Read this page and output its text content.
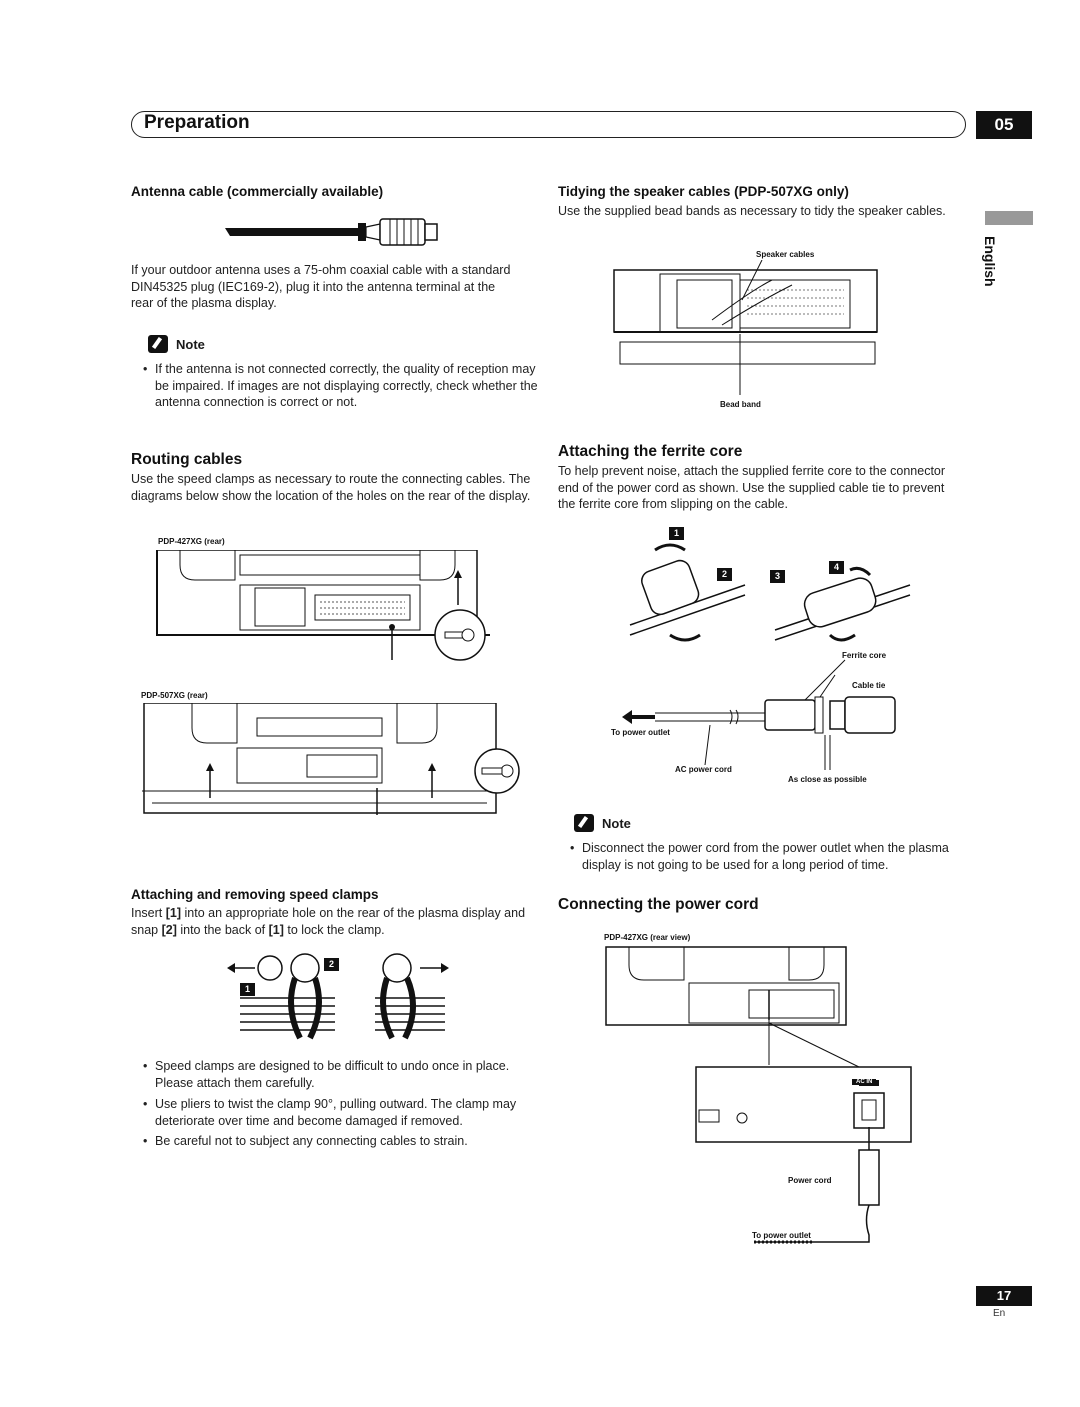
Preparation	05
English
Antenna cable (commercially available)
If your outdoor antenna uses a 75-ohm coaxial cable with a standard DIN45325 plug (IEC169-2), plug it into the antenna terminal at the rear of the plasma display.
Note
• If the antenna is not connected correctly, the quality of reception may be impaired. If images are not displaying correctly, check whether the antenna connection is correct or not.
Routing cables
Use the speed clamps as necessary to route the connecting cables. The diagrams below show the location of the holes on the rear of the display.
PDP-427XG (rear)
PDP-507XG (rear)
Attaching and removing speed clamps
Insert [1] into an appropriate hole on the rear of the plasma display and snap [2] into the back of [1] to lock the clamp.
2
1
• Speed clamps are designed to be difficult to undo once in place. Please attach them carefully.
• Use pliers to twist the clamp 90°, pulling outward. The clamp may deteriorate over time and become damaged if removed.
• Be careful not to subject any connecting cables to strain.
Tidying the speaker cables (PDP-507XG only)
Use the supplied bead bands as necessary to tidy the speaker cables.
Speaker cables
Bead band
Attaching the ferrite core
To help prevent noise, attach the supplied ferrite core to the connector end of the power cord as shown. Use the supplied cable tie to prevent the ferrite core from slipping on the cable.
1
2	3
4
Ferrite core
Cable tie
To power outlet
AC power cord
As close as possible
Note
• Disconnect the power cord from the power outlet when the plasma display is not going to be used for a long period of time.
Connecting the power cord
PDP-427XG (rear view)
AC IN
Power cord
To power outlet
17
En
